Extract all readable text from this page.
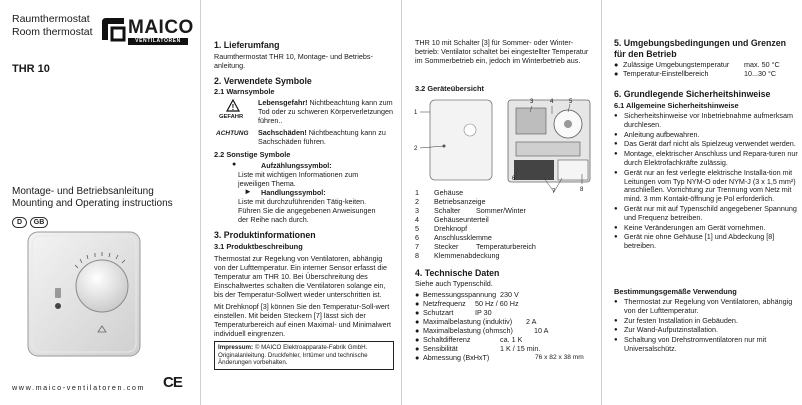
Raumthermostat
Room thermostat
THR 10
MAICO
VENTILATOREN
Montage- und Betriebsanleitung
Mounting and Operating instructions
D GB
www.maico-ventilatoren.com CE
1. Lieferumfang
Raumthermostat THR 10, Montage- und Betriebs-anleitung.
2. Verwendete Symbole
2.1 Warnsymbole
!
GEFAHR
Lebensgefahr! Nichtbeachtung kann zum Tod oder zu schweren Körperverletzungen führen..
ACHTUNG Sachschäden! Nichtbeachtung kann zu Sachschäden führen.
2.2 Sonstige Symbole
●	Aufzählungssymbol:
Liste mit wichtigen Informationen zum jeweiligen Thema.
► Handlungssymbol:
Liste mit durchzuführenden Tätig-keiten. Führen Sie die angegebenen Anweisungen der Reihe nach durch.
3. Produktinformationen
3.1 Produktbeschreibung
Thermostat zur Regelung von Ventilatoren, abhängig von der Lufttemperatur. Ein interner Sensor erfasst die Temperatur am THR 10. Bei Überschreitung des Einschaltwertes schalten die Ventilatoren solange ein, bis der Temperatur-Sollwert wieder unterschritten ist.
Mit Drehknopf [3] können Sie den Temperatur-Soll-wert einstellen. Mit beiden Steckern [7] lässt sich der Temperaturbereich auf einen Maximal- und Minimalwert individuell eingrenzen.
Impressum: © MAICO Elektroapparate-Fabrik GmbH. Originalanleitung. Druckfehler, Irrtümer und technische Änderungen vorbehalten.
THR 10 mit Schalter [3] für Sommer- oder Winter-betrieb: Ventilator schaltet bei eingestellter Temperatur im Sommerbetrieb ein, jedoch im Winterbetrieb aus.
3.2 Geräteübersicht
1
2
3	4	5
6
7	8
1 Gehäuse
2 Betriebsanzeige
3 Schalter Sommer/Winter
4 Gehäuseunterteil
5 Drehknopf
6 Anschlussklemme
7 Stecker Temperaturbereich
8 Klemmenabdeckung
4. Technische Daten
Siehe auch Typenschild.
● Bemessungsspannung 230 V
● Netzfrequenz 50 Hz / 60 Hz
● Schutzart	IP 30
● Maximalbelastung (induktiv) 2 A
● Maximalbelastung (ohmsch)	10 A
● Schaltdifferenz	ca. 1 K
● Sensibilität	1 K / 15 min.
● Abmessung (BxHxT)	76 x 82 x 38 mm
5. Umgebungsbedingungen und Grenzen für den Betrieb
● Zulässige Umgebungstemperatur max. 50 °C
● Temperatur-Einstellbereich	10...30 °C
6. Grundlegende Sicherheitshinweise
6.1 Allgemeine Sicherheitshinweise
● Sicherheitshinweise vor Inbetriebnahme aufmerksam durchlesen.
● Anleitung aufbewahren.
● Das Gerät darf nicht als Spielzeug verwendet werden.
● Montage, elektrischer Anschluss und Repara-turen nur durch Elektrofachkräfte zulässig.
● Gerät nur an fest verlegte elektrische Installa-tion mit Leitungen vom Typ NYM-O oder NYM-J (3 x 1,5 mm²) anschließen. Vorrichtung zur Trennung vom Netz mit mind. 3 mm Kontakt-öffnung je Pol erforderlich.
● Gerät nur mit auf Typenschild angegebener Spannung und Frequenz betreiben.
● Keine Veränderungen am Gerät vornehmen.
● Gerät nie ohne Gehäuse [1] und Abdeckung [8] betreiben.
Bestimmungsgemäße Verwendung
● Thermostat zur Regelung von Ventilatoren, abhängig von der Lufttemperatur.
● Zur festen Installation in Gebäuden.
● Zur Wand-Aufputzinstallation.
● Schaltung von Drehstromventilatoren nur mit Universalschütz.
